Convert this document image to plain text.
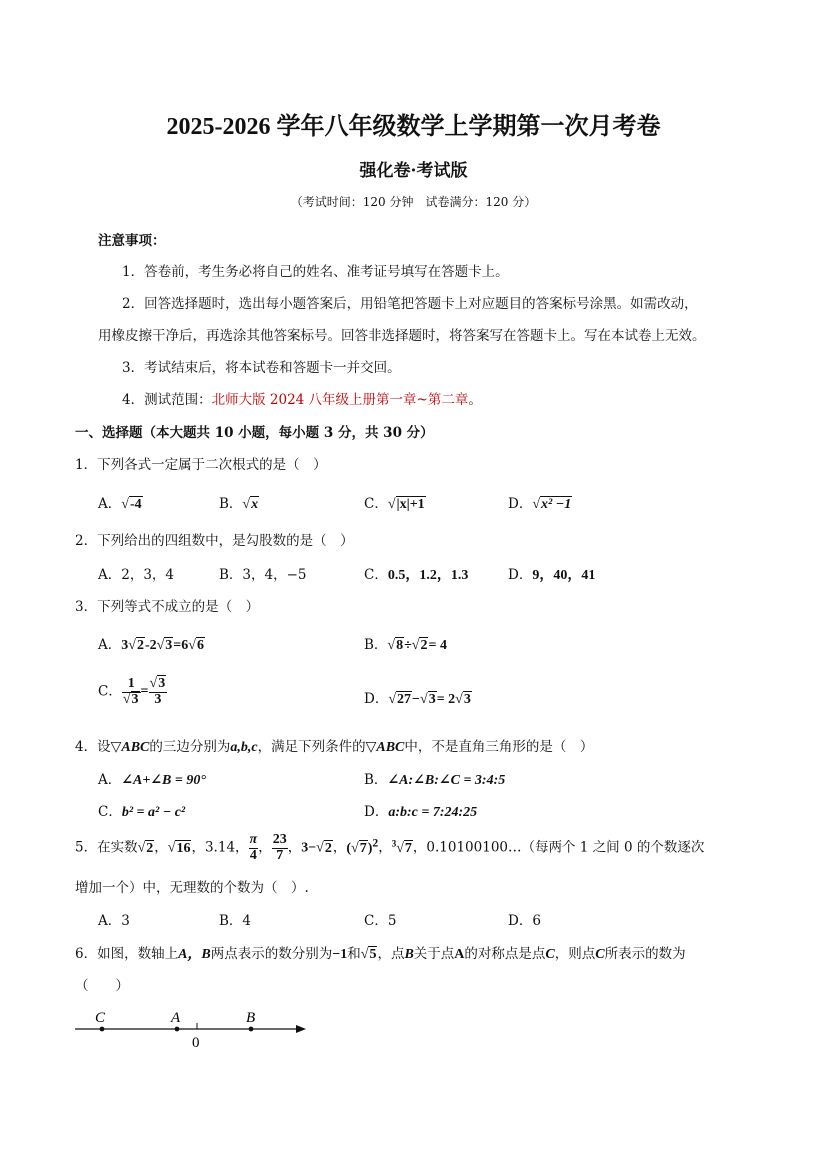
2025-2026 学年八年级数学上学期第一次月考卷
强化卷·考试版
（考试时间：120 分钟　试卷满分：120 分）
注意事项：
1．答卷前，考生务必将自己的姓名、准考证号填写在答题卡上。
2．回答选择题时，选出每小题答案后，用铅笔把答题卡上对应题目的答案标号涂黑。如需改动，
用橡皮擦干净后，再选涂其他答案标号。回答非选择题时，将答案写在答题卡上。写在本试卷上无效。
3．考试结束后，将本试卷和答题卡一并交回。
4．测试范围：北师大版 2024 八年级上册第一章~第二章。
一、选择题（本大题共 10 小题，每小题 3 分，共 30 分）
1．下列各式一定属于二次根式的是（　）
A．√-4	B．√x	C．√|x|+1	D．√x² −1
2．下列给出的四组数中，是勾股数的是（　）
A．2，3，4	B．3，4，−5	C．0.5，1.2，1.3	D．9，40，41
3．下列等式不成立的是（　）
A．3√2-2√3=6√6	B．√8÷√2= 4
C． $\frac{1}{√3} = \frac{√3}{3}$	D．√27−√3= 2√3
4．设▽ABC的三边分别为a,b,c，满足下列条件的▽ABC中，不是直角三角形的是（　）
A．∠A+∠B = 90°	B．∠A:∠B:∠C = 3:4:5
C．b² = a² − c²	D．a:b:c = 7:24:25
5．在实数√2，√16，3.14， $\frac{\pi}{4}$ ， $\frac{23}{7}$ ，3−√2，$(√7)^2$，$^3$√7，0.10100100…（每两个 1 之间 0 的个数逐次
增加一个）中，无理数的个数为（　）.
A．3	B．4	C．5	D．6
6．如图，数轴上A，B两点表示的数分别为−1和√5，点B关于点A的对称点是点C，则点C所表示的数为
（　　）
C	A	B
0
